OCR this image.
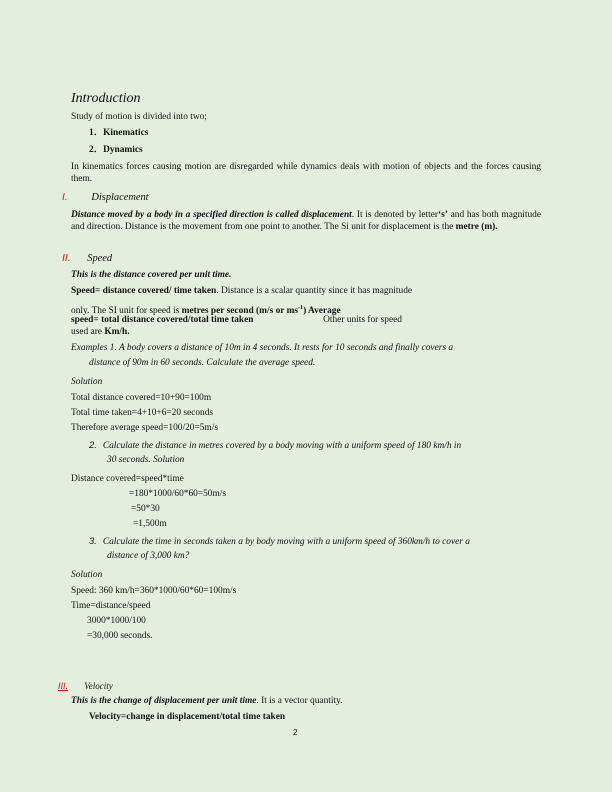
Introduction
Study of motion is divided into two;
1．Kinematics
2．Dynamics
In kinematics forces causing motion are disregarded while dynamics deals with motion of objects and the forces causing them.
I. Displacement
Distance moved by a body in a specified direction is called displacement. It is denoted by letter‘s’ and has both magnitude and direction. Distance is the movement from one point to another. The Si unit for displacement is the metre (m).
II. Speed
This is the distance covered per unit time.
Speed= distance covered/ time taken. Distance is a scalar quantity since it has magnitude
only. The SI unit for speed is metres per second (m/s or $ms^{-1}$) Average
speed= total distance covered/total time taken	Other units for speed
used are Km/h.
Examples 1. A body covers a distance of 10m in 4 seconds. It rests for 10 seconds and finally covers a
distance of 90m in 60 seconds. Calculate the average speed.
Solution
Total distance covered=10+90=100m
Total time taken=4+10+6=20 seconds
Therefore average speed=100/20=5m/s
2. Calculate the distance in metres covered by a body moving with a uniform speed of 180 km/h in
30 seconds. Solution
Distance covered=speed*time
=180*1000/60*60=50m/s
=50*30
=1,500m
3. Calculate the time in seconds taken a by body moving with a uniform speed of 360km/h to cover a
distance of 3,000 km?
Solution
Speed: 360 km/h=360*1000/60*60=100m/s
Time=distance/speed
3000*1000/100
=30,000 seconds.
III. Velocity
This is the change of displacement per unit time. It is a vector quantity.
Velocity=change in displacement/total time taken
2
